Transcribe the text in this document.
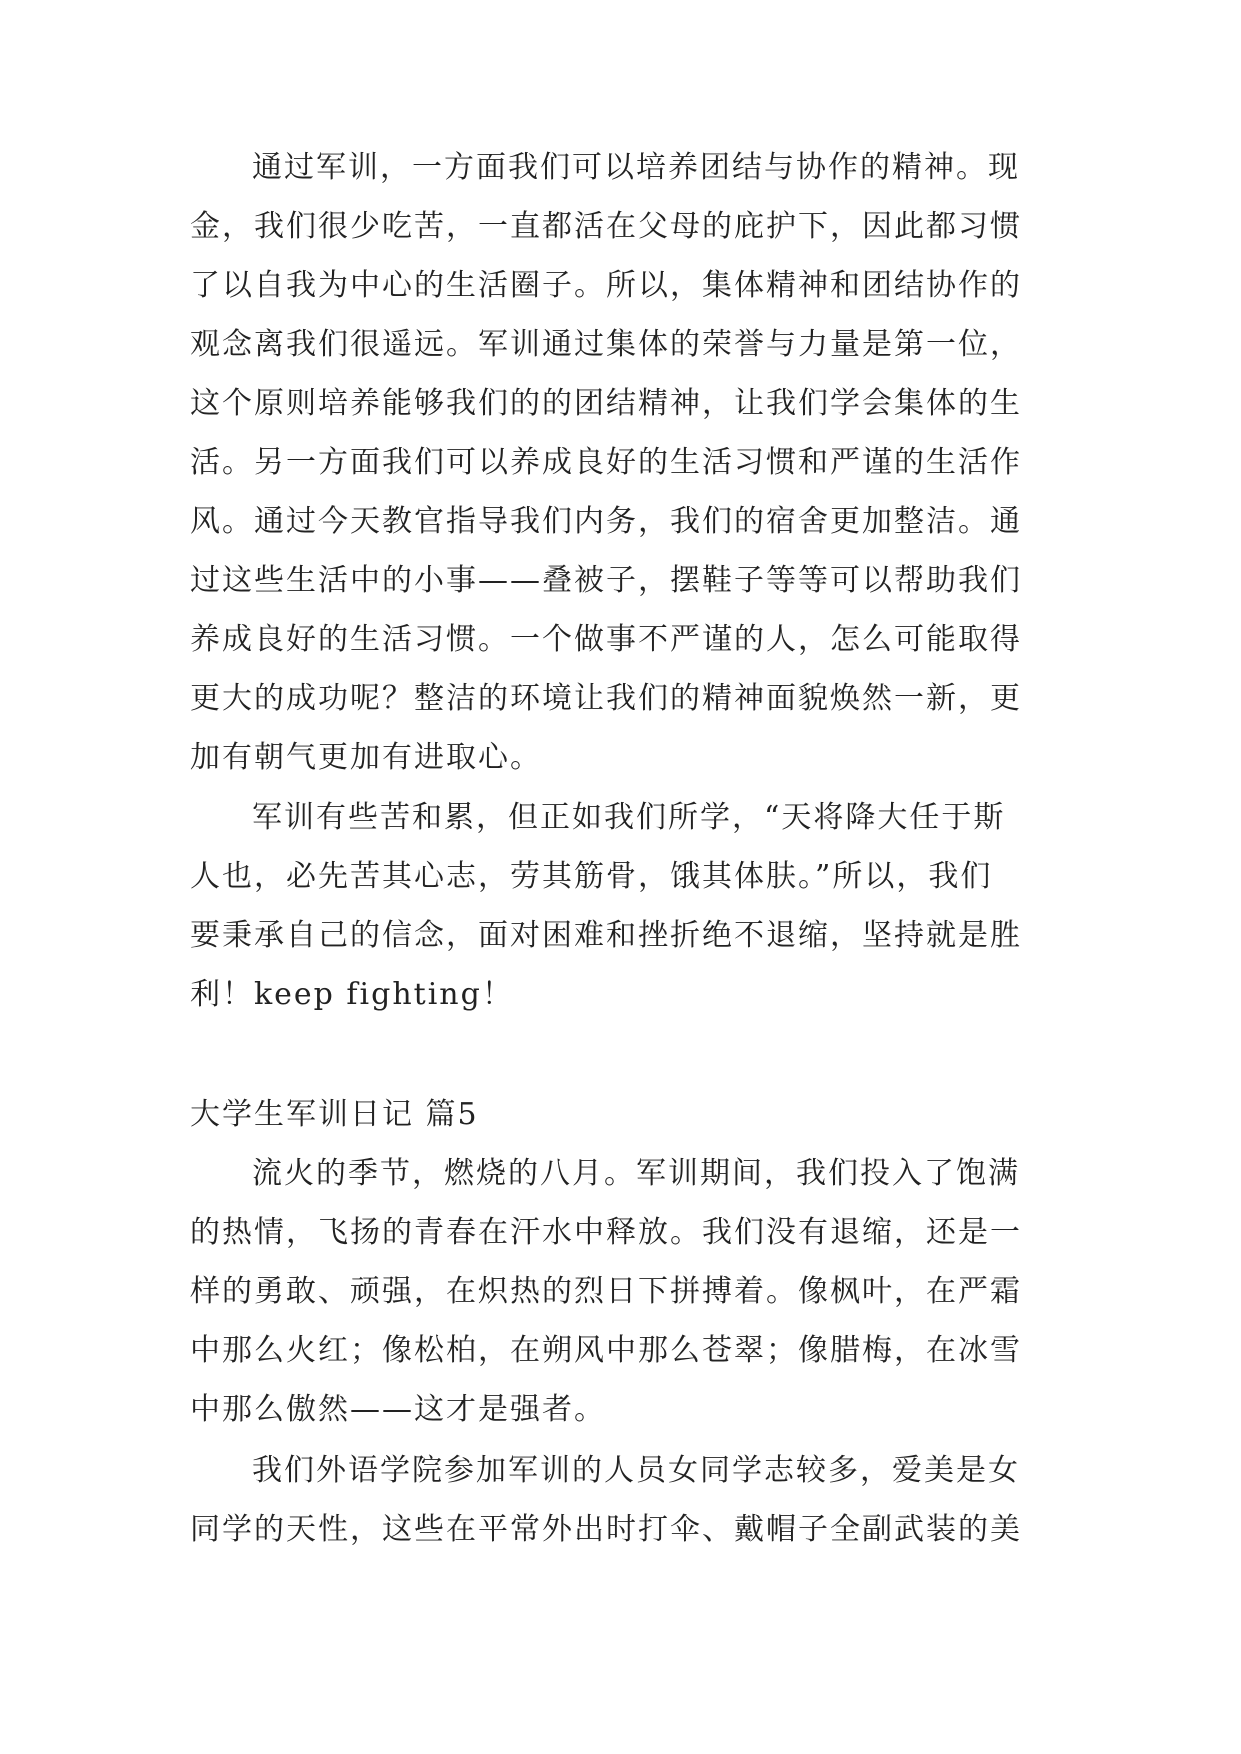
通过军训，一方面我们可以培养团结与协作的精神。现
金，我们很少吃苦，一直都活在父母的庇护下，因此都习惯
了以自我为中心的生活圈子。所以，集体精神和团结协作的
观念离我们很遥远。军训通过集体的荣誉与力量是第一位，
这个原则培养能够我们的的团结精神，让我们学会集体的生
活。另一方面我们可以养成良好的生活习惯和严谨的生活作
风。通过今天教官指导我们内务，我们的宿舍更加整洁。通
过这些生活中的小事——叠被子，摆鞋子等等可以帮助我们
养成良好的生活习惯。一个做事不严谨的人，怎么可能取得
更大的成功呢？整洁的环境让我们的精神面貌焕然一新，更
加有朝气更加有进取心。
军训有些苦和累，但正如我们所学，“天将降大任于斯
人也，必先苦其心志，劳其筋骨，饿其体肤。”所以，我们
要秉承自己的信念，面对困难和挫折绝不退缩，坚持就是胜
利！keep fighting！
大学生军训日记 篇5
流火的季节，燃烧的八月。军训期间，我们投入了饱满
的热情，飞扬的青春在汗水中释放。我们没有退缩，还是一
样的勇敢、顽强，在炽热的烈日下拼搏着。像枫叶，在严霜
中那么火红；像松柏，在朔风中那么苍翠；像腊梅，在冰雪
中那么傲然——这才是强者。
我们外语学院参加军训的人员女同学志较多，爱美是女
同学的天性，这些在平常外出时打伞、戴帽子全副武装的美
